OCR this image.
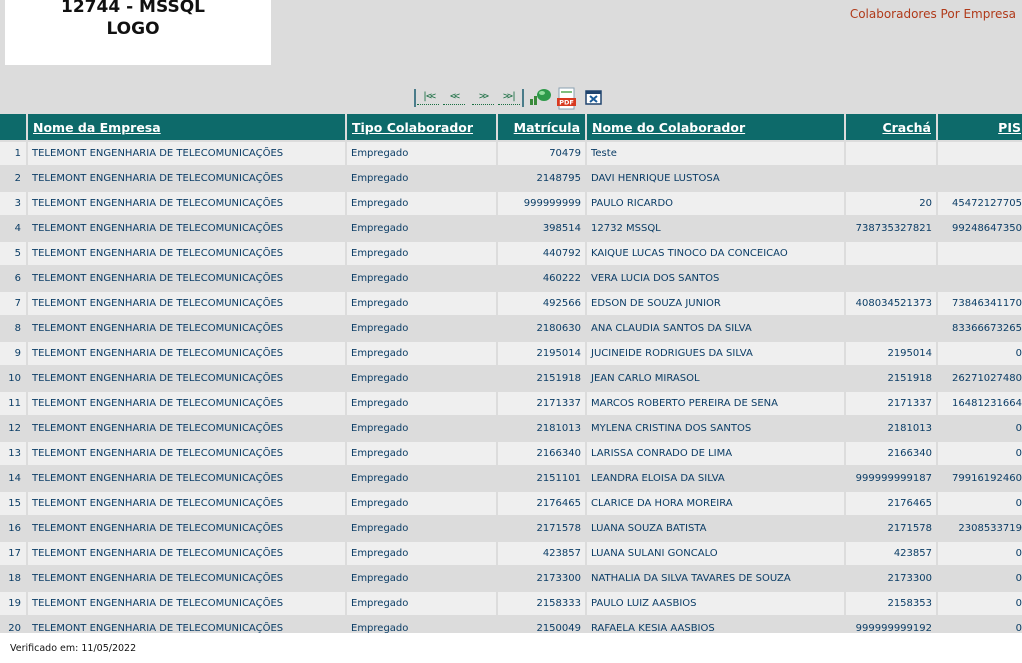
12744 - MSSQL
LOGO
Colaboradores Por Empresa
|<<	<<	>>	>>|
PDF
	Nome da Empresa	Tipo Colaborador	Matrícula	Nome do Colaborador	Crachá	PIS
1	TELEMONT ENGENHARIA DE TELECOMUNICAÇÕES	Empregado	70479	Teste		
2	TELEMONT ENGENHARIA DE TELECOMUNICAÇÕES	Empregado	2148795	DAVI HENRIQUE LUSTOSA		
3	TELEMONT ENGENHARIA DE TELECOMUNICAÇÕES	Empregado	999999999	PAULO RICARDO	20	45472127705
4	TELEMONT ENGENHARIA DE TELECOMUNICAÇÕES	Empregado	398514	12732 MSSQL	738735327821	99248647350
5	TELEMONT ENGENHARIA DE TELECOMUNICAÇÕES	Empregado	440792	KAIQUE LUCAS TINOCO DA CONCEICAO		
6	TELEMONT ENGENHARIA DE TELECOMUNICAÇÕES	Empregado	460222	VERA LUCIA DOS SANTOS		
7	TELEMONT ENGENHARIA DE TELECOMUNICAÇÕES	Empregado	492566	EDSON DE SOUZA JUNIOR	408034521373	73846341170
8	TELEMONT ENGENHARIA DE TELECOMUNICAÇÕES	Empregado	2180630	ANA CLAUDIA SANTOS DA SILVA		83366673265
9	TELEMONT ENGENHARIA DE TELECOMUNICAÇÕES	Empregado	2195014	JUCINEIDE RODRIGUES DA SILVA	2195014	0
10	TELEMONT ENGENHARIA DE TELECOMUNICAÇÕES	Empregado	2151918	JEAN CARLO MIRASOL	2151918	26271027480
11	TELEMONT ENGENHARIA DE TELECOMUNICAÇÕES	Empregado	2171337	MARCOS ROBERTO PEREIRA DE SENA	2171337	16481231664
12	TELEMONT ENGENHARIA DE TELECOMUNICAÇÕES	Empregado	2181013	MYLENA CRISTINA DOS SANTOS	2181013	0
13	TELEMONT ENGENHARIA DE TELECOMUNICAÇÕES	Empregado	2166340	LARISSA CONRADO DE LIMA	2166340	0
14	TELEMONT ENGENHARIA DE TELECOMUNICAÇÕES	Empregado	2151101	LEANDRA ELOISA DA SILVA	999999999187	79916192460
15	TELEMONT ENGENHARIA DE TELECOMUNICAÇÕES	Empregado	2176465	CLARICE DA HORA MOREIRA	2176465	0
16	TELEMONT ENGENHARIA DE TELECOMUNICAÇÕES	Empregado	2171578	LUANA SOUZA BATISTA	2171578	2308533719
17	TELEMONT ENGENHARIA DE TELECOMUNICAÇÕES	Empregado	423857	LUANA SULANI GONCALO	423857	0
18	TELEMONT ENGENHARIA DE TELECOMUNICAÇÕES	Empregado	2173300	NATHALIA DA SILVA TAVARES DE SOUZA	2173300	0
19	TELEMONT ENGENHARIA DE TELECOMUNICAÇÕES	Empregado	2158333	PAULO LUIZ AASBIOS	2158353	0
20	TELEMONT ENGENHARIA DE TELECOMUNICAÇÕES	Empregado	2150049	RAFAELA KESIA AASBIOS	999999999192	0
Verificado em: 11/05/2022
